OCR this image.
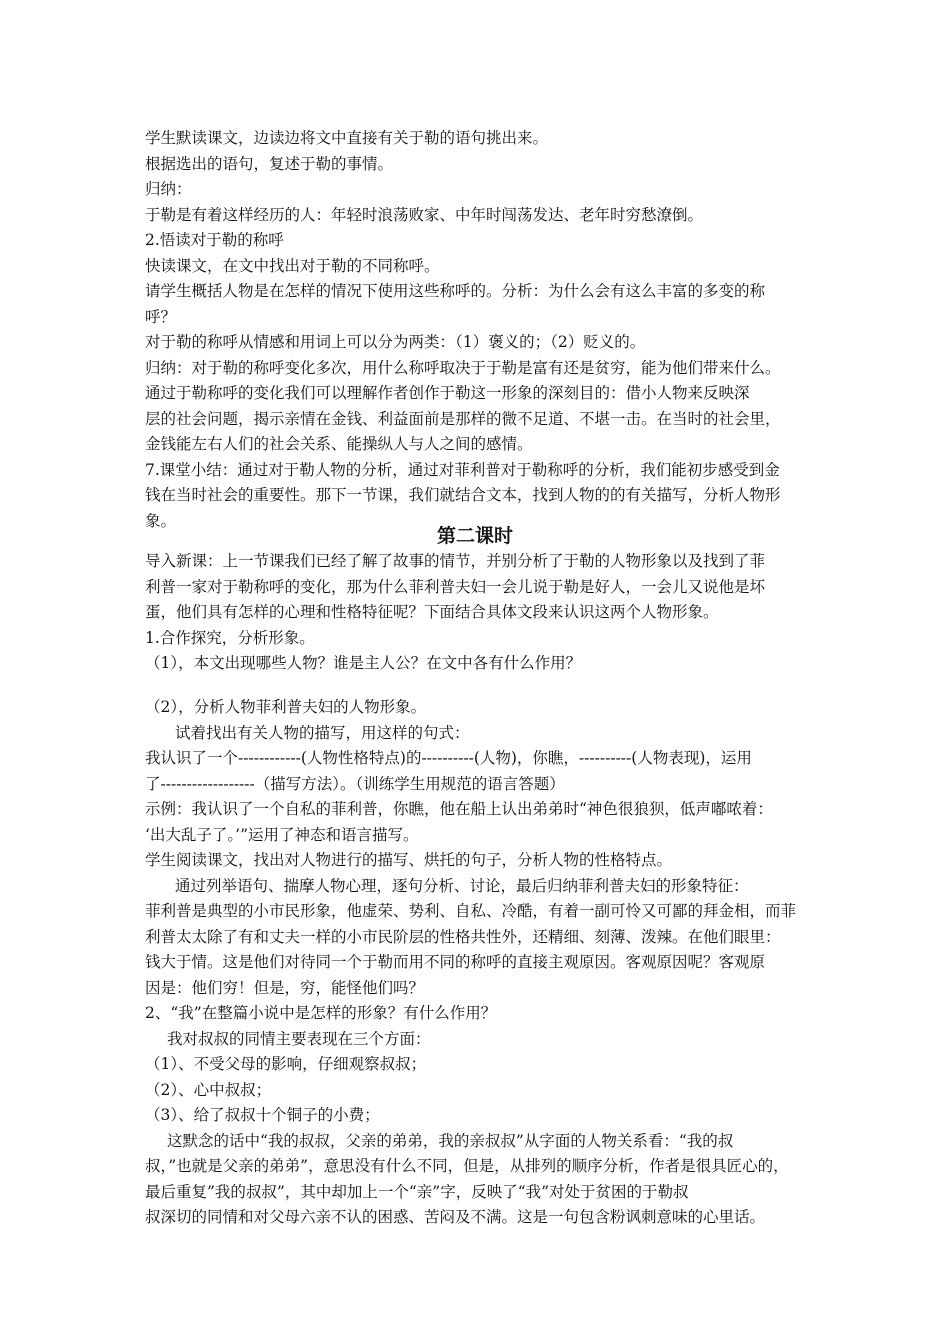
学生默读课文，边读边将文中直接有关于勒的语句挑出来。
根据选出的语句，复述于勒的事情。
归纳：
于勒是有着这样经历的人：年轻时浪荡败家、中年时闯荡发达、老年时穷愁潦倒。
2.悟读对于勒的称呼
快读课文，在文中找出对于勒的不同称呼。
请学生概括人物是在怎样的情况下使用这些称呼的。分析：为什么会有这么丰富的多变的称
呼？
对于勒的称呼从情感和用词上可以分为两类：（1）褒义的；（2）贬义的。
归纳：对于勒的称呼变化多次，用什么称呼取决于于勒是富有还是贫穷，能为他们带来什么。
通过于勒称呼的变化我们可以理解作者创作于勒这一形象的深刻目的：借小人物来反映深
层的社会问题，揭示亲情在金钱、利益面前是那样的微不足道、不堪一击。在当时的社会里，
金钱能左右人们的社会关系、能操纵人与人之间的感情。
7.课堂小结：通过对于勒人物的分析，通过对菲利普对于勒称呼的分析，我们能初步感受到金
钱在当时社会的重要性。那下一节课，我们就结合文本，找到人物的的有关描写，分析人物形
象。
第二课时
导入新课：上一节课我们已经了解了故事的情节，并别分析了于勒的人物形象以及找到了菲
利普一家对于勒称呼的变化，那为什么菲利普夫妇一会儿说于勒是好人，一会儿又说他是坏
蛋，他们具有怎样的心理和性格特征呢？下面结合具体文段来认识这两个人物形象。
1.合作探究，分析形象。
（1），本文出现哪些人物？谁是主人公？在文中各有什么作用？
（2），分析人物菲利普夫妇的人物形象。
试着找出有关人物的描写，用这样的句式：
我认识了一个------------(人物性格特点)的----------(人物)，你瞧，----------(人物表现)，运用
了------------------（描写方法）。（训练学生用规范的语言答题）
示例：我认识了一个自私的菲利普，你瞧，他在船上认出弟弟时“神色很狼狈，低声嘟哝着：
‘出大乱子了。’”运用了神态和语言描写。
学生阅读课文，找出对人物进行的描写、烘托的句子，分析人物的性格特点。
通过列举语句、揣摩人物心理，逐句分析、讨论，最后归纳菲利普夫妇的形象特征：
菲利普是典型的小市民形象，他虚荣、势利、自私、冷酷，有着一副可怜又可鄙的拜金相，而菲
利普太太除了有和丈夫一样的小市民阶层的性格共性外，还精细、刻薄、泼辣。在他们眼里：
钱大于情。这是他们对待同一个于勒而用不同的称呼的直接主观原因。客观原因呢？客观原
因是：他们穷！但是，穷，能怪他们吗？
2、“我”在整篇小说中是怎样的形象？有什么作用？
我对叔叔的同情主要表现在三个方面：
（1）、不受父母的影响，仔细观察叔叔；
（2）、心中叔叔；
（3）、给了叔叔十个铜子的小费；
这默念的话中“我的叔叔，父亲的弟弟，我的亲叔叔”从字面的人物关系看：“我的叔
叔，”也就是父亲的弟弟”，意思没有什么不同，但是，从排列的顺序分析，作者是很具匠心的，
最后重复”我的叔叔”，其中却加上一个“亲”字，反映了“我”对处于贫困的于勒叔
叔深切的同情和对父母六亲不认的困惑、苦闷及不满。这是一句包含粉讽刺意味的心里话。
